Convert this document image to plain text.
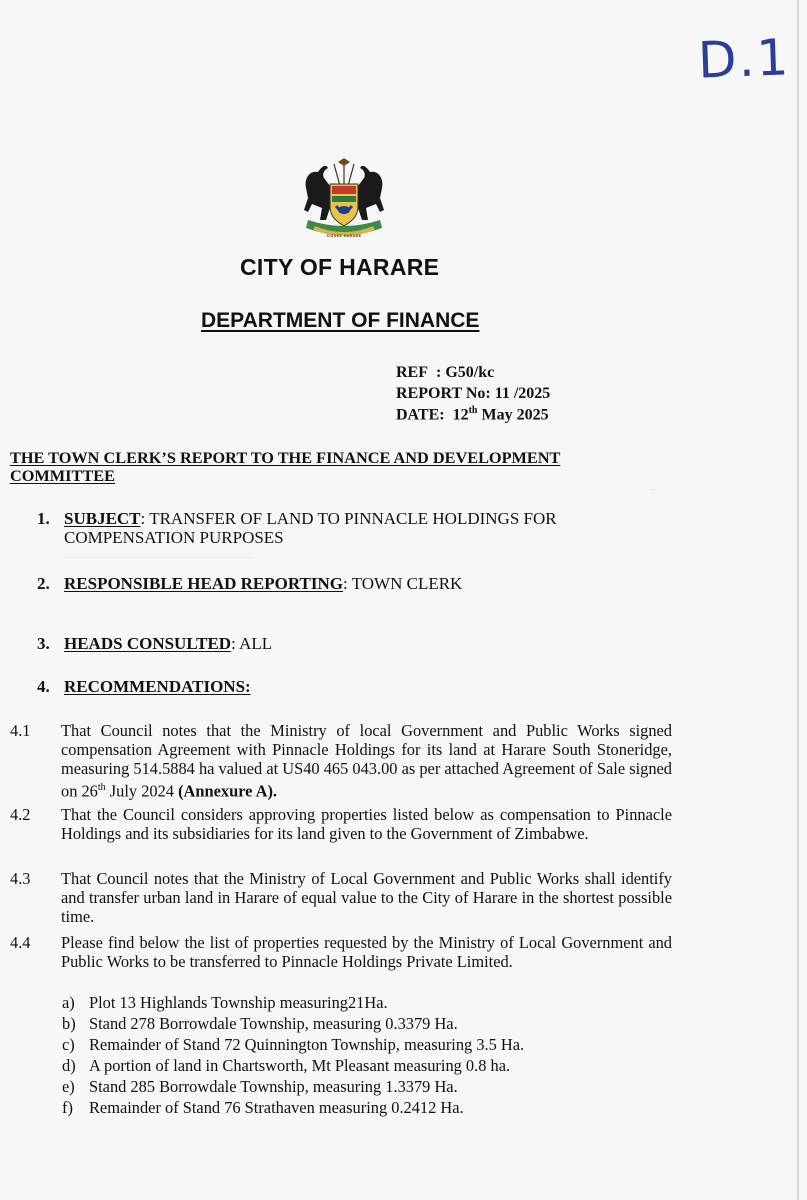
D.1
SIZVEZ HARARE
CITY OF HARARE
DEPARTMENT OF FINANCE
REF : G50/kc
REPORT No: 11 /2025
DATE: 12th May 2025
THE TOWN CLERK’S REPORT TO THE FINANCE AND DEVELOPMENT
COMMITTEE
1. SUBJECT: TRANSFER OF LAND TO PINNACLE HOLDINGS FOR
COMPENSATION PURPOSES
2. RESPONSIBLE HEAD REPORTING: TOWN CLERK
3. HEADS CONSULTED: ALL
4. RECOMMENDATIONS:
4.1 That Council notes that the Ministry of local Government and Public Works signed compensation Agreement with Pinnacle Holdings for its land at Harare South Stoneridge, measuring 514.5884 ha valued at US40 465 043.00 as per attached Agreement of Sale signed on 26th July 2024 (Annexure A).
4.2 That the Council considers approving properties listed below as compensation to Pinnacle Holdings and its subsidiaries for its land given to the Government of Zimbabwe.
4.3 That Council notes that the Ministry of Local Government and Public Works shall identify and transfer urban land in Harare of equal value to the City of Harare in the shortest possible time.
4.4 Please find below the list of properties requested by the Ministry of Local Government and Public Works to be transferred to Pinnacle Holdings Private Limited.
a) Plot 13 Highlands Township measuring21Ha.
b) Stand 278 Borrowdale Township, measuring 0.3379 Ha.
c) Remainder of Stand 72 Quinnington Township, measuring 3.5 Ha.
d) A portion of land in Chartsworth, Mt Pleasant measuring 0.8 ha.
e) Stand 285 Borrowdale Township, measuring 1.3379 Ha.
f) Remainder of Stand 76 Strathaven measuring 0.2412 Ha.
